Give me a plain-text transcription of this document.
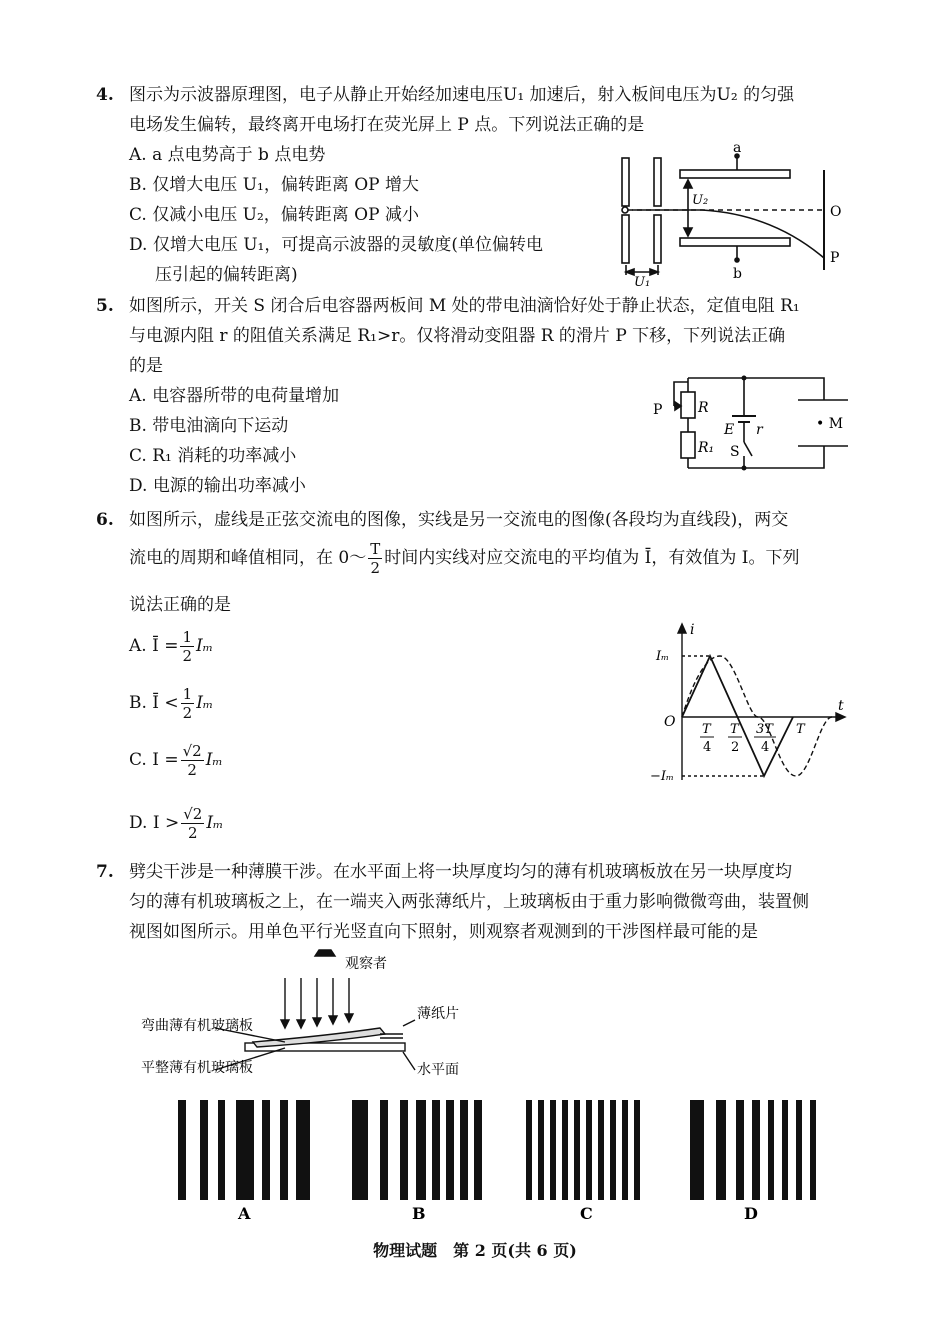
4. 图示为示波器原理图，电子从静止开始经加速电压U₁ 加速后，射入板间电压为U₂ 的匀强
电场发生偏转，最终离开电场打在荧光屏上 P 点。下列说法正确的是
A. a 点电势高于 b 点电势
B. 仅增大电压 U₁，偏转距离 OP 增大
C. 仅减小电压 U₂，偏转距离 OP 减小
D. 仅增大电压 U₁，可提高示波器的灵敏度(单位偏转电
压引起的偏转距离)
a
b
U₂
U₁
O
P
5. 如图所示，开关 S 闭合后电容器两板间 M 处的带电油滴恰好处于静止状态，定值电阻 R₁
与电源内阻 r 的阻值关系满足 R₁>r。仅将滑动变阻器 R 的滑片 P 下移，下列说法正确
的是
A. 电容器所带的电荷量增加
B. 带电油滴向下运动
C. R₁ 消耗的功率减小
D. 电源的输出功率减小
P	R
R₁
E r
S
• M
6. 如图所示，虚线是正弦交流电的图像，实线是另一交流电的图像(各段均为直线段)，两交
流电的周期和峰值相同，在 0～ $\frac{T}{2}$ 时间内实线对应交流电的平均值为 Ī，有效值为 I。下列
说法正确的是
A. Ī = $\frac{1}{2}$ Iₘ
B. Ī < $\frac{1}{2}$ Iₘ
C. $I = \frac{√2}{2}$ Iₘ
D. $I > \frac{√2}{2}$ Iₘ
i
t
O
Iₘ
−Iₘ
T
4
T
2
3T
4
T
7. 劈尖干涉是一种薄膜干涉。在水平面上将一块厚度均匀的薄有机玻璃板放在另一块厚度均
匀的薄有机玻璃板之上，在一端夹入两张薄纸片，上玻璃板由于重力影响微微弯曲，装置侧
视图如图所示。用单色平行光竖直向下照射，则观察者观测到的干涉图样最可能的是
观察者
弯曲薄有机玻璃板
平整薄有机玻璃板
薄纸片
水平面
A	B	C	D
物理试题　第 2 页(共 6 页)
